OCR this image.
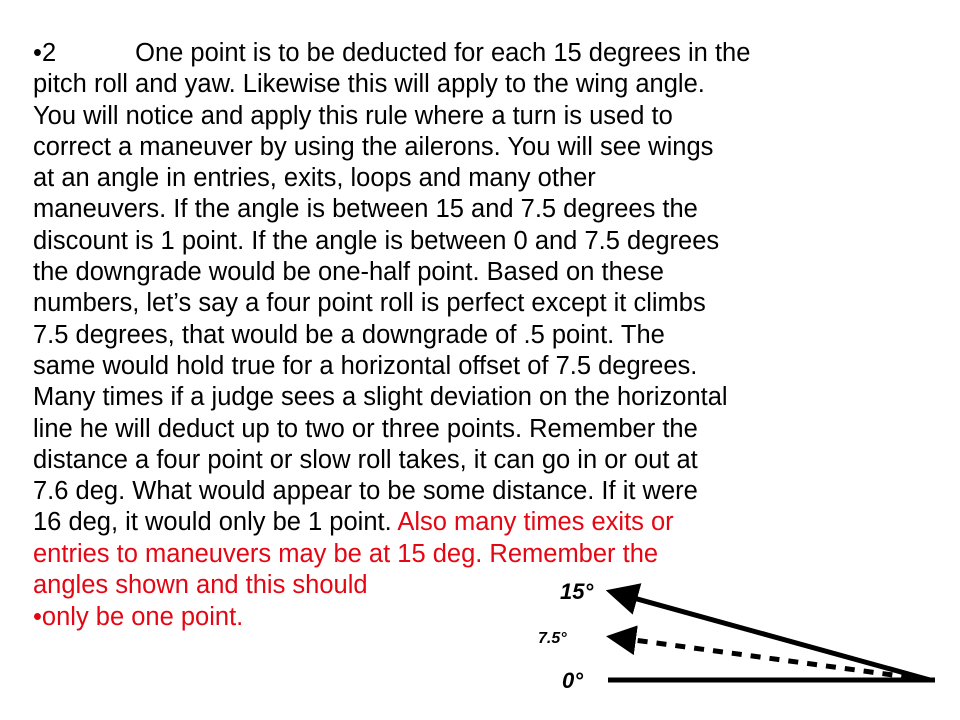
•2	One point is to be deducted for each 15 degrees in the
pitch roll and yaw. Likewise this will apply to the wing angle.
You will notice and apply this rule where a turn is used to
correct a maneuver by using the ailerons. You will see wings
at an angle in entries, exits, loops and many other
maneuvers. If the angle is between 15 and 7.5 degrees the
discount is 1 point. If the angle is between 0 and 7.5 degrees
the downgrade would be one-half point. Based on these
numbers, let’s say a four point roll is perfect except it climbs
7.5 degrees, that would be a downgrade of .5 point. The
same would hold true for a horizontal offset of 7.5 degrees.
Many times if a judge sees a slight deviation on the horizontal
line he will deduct up to two or three points. Remember the
distance a four point or slow roll takes, it can go in or out at
7.6 deg. What would appear to be some distance. If it were
16 deg, it would only be 1 point. Also many times exits or
entries to maneuvers may be at 15 deg. Remember the
angles shown and this should
•only be one point.
15°
7.5°
0°
